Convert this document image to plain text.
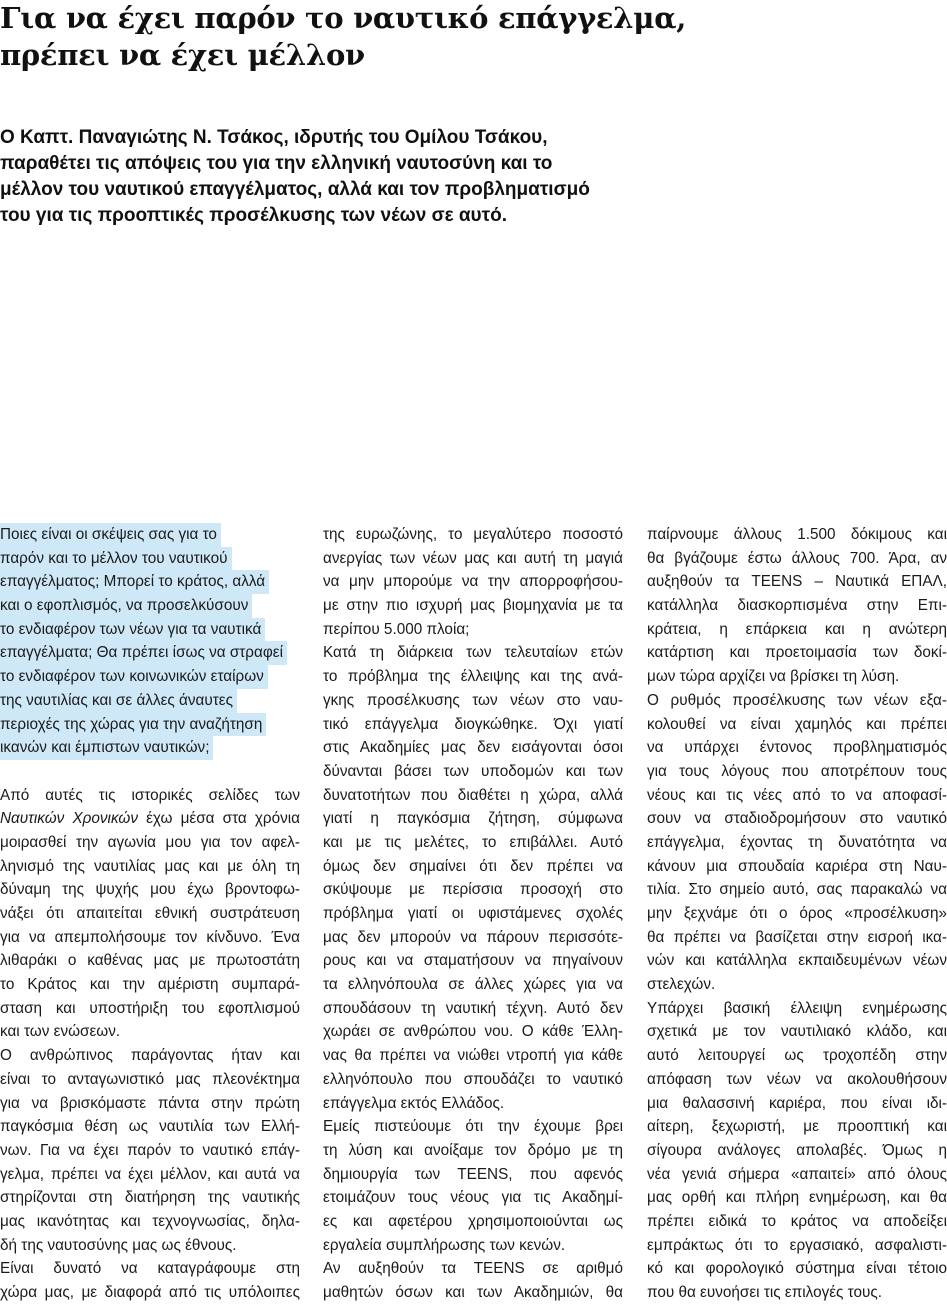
Για να έχει παρόν το ναυτικό επάγγελμα,
πρέπει να έχει μέλλον
Ο Καπτ. Παναγιώτης Ν. Τσάκος, ιδρυτής του Ομίλου Τσάκου,
παραθέτει τις απόψεις του για την ελληνική ναυτοσύνη και το
μέλλον του ναυτικού επαγγέλματος, αλλά και τον προβληματισμό
του για τις προοπτικές προσέλκυσης των νέων σε αυτό.
Ποιες είναι οι σκέψεις σας για το
παρόν και το μέλλον του ναυτικού
επαγγέλματος; Μπορεί το κράτος, αλλά
και ο εφοπλισμός, να προσελκύσουν
το ενδιαφέρον των νέων για τα ναυτικά
επαγγέλματα; Θα πρέπει ίσως να στραφεί
το ενδιαφέρον των κοινωνικών εταίρων
της ναυτιλίας και σε άλλες άναυτες
περιοχές της χώρας για την αναζήτηση
ικανών και έμπιστων ναυτικών;
Από αυτές τις ιστορικές σελίδες των
Ναυτικών Χρονικών έχω μέσα στα χρόνια
μοιρασθεί την αγωνία μου για τον αφελ-
ληνισμό της ναυτιλίας μας και με όλη τη
δύναμη της ψυχής μου έχω βροντοφω-
νάξει ότι απαιτείται εθνική συστράτευση
για να απεμπολήσουμε τον κίνδυνο. Ένα
λιθαράκι ο καθένας μας με πρωτοστάτη
το Κράτος και την αμέριστη συμπαρά-
σταση και υποστήριξη του εφοπλισμού
και των ενώσεων.
Ο ανθρώπινος παράγοντας ήταν και
είναι το ανταγωνιστικό μας πλεονέκτημα
για να βρισκόμαστε πάντα στην πρώτη
παγκόσμια θέση ως ναυτιλία των Ελλή-
νων. Για να έχει παρόν το ναυτικό επάγ-
γελμα, πρέπει να έχει μέλλον, και αυτά να
στηρίζονται στη διατήρηση της ναυτικής
μας ικανότητας και τεχνογνωσίας, δηλα-
δή της ναυτοσύνης μας ως έθνους.
Είναι δυνατό να καταγράφουμε στη
χώρα μας, με διαφορά από τις υπόλοιπες
της ευρωζώνης, το μεγαλύτερο ποσοστό
ανεργίας των νέων μας και αυτή τη μαγιά
να μην μπορούμε να την απορροφήσου-
με στην πιο ισχυρή μας βιομηχανία με τα
περίπου 5.000 πλοία;
Κατά τη διάρκεια των τελευταίων ετών
το πρόβλημα της έλλειψης και της ανά-
γκης προσέλκυσης των νέων στο ναυ-
τικό επάγγελμα διογκώθηκε. Όχι γιατί
στις Ακαδημίες μας δεν εισάγονται όσοι
δύνανται βάσει των υποδομών και των
δυνατοτήτων που διαθέτει η χώρα, αλλά
γιατί η παγκόσμια ζήτηση, σύμφωνα
και με τις μελέτες, το επιβάλλει. Αυτό
όμως δεν σημαίνει ότι δεν πρέπει να
σκύψουμε με περίσσια προσοχή στο
πρόβλημα γιατί οι υφιστάμενες σχολές
μας δεν μπορούν να πάρουν περισσότε-
ρους και να σταματήσουν να πηγαίνουν
τα ελληνόπουλα σε άλλες χώρες για να
σπουδάσουν τη ναυτική τέχνη. Αυτό δεν
χωράει σε ανθρώπου νου. Ο κάθε Έλλη-
νας θα πρέπει να νιώθει ντροπή για κάθε
ελληνόπουλο που σπουδάζει το ναυτικό
επάγγελμα εκτός Ελλάδος.
Εμείς πιστεύουμε ότι την έχουμε βρει
τη λύση και ανοίξαμε τον δρόμο με τη
δημιουργία των TEENS, που αφενός
ετοιμάζουν τους νέους για τις Ακαδημί-
ες και αφετέρου χρησιμοποιούνται ως
εργαλεία συμπλήρωσης των κενών.
Αν αυξηθούν τα TEENS σε αριθμό
μαθητών όσων και των Ακαδημιών, θα
παίρνουμε άλλους 1.500 δόκιμους και
θα βγάζουμε έστω άλλους 700. Άρα, αν
αυξηθούν τα TEENS – Ναυτικά ΕΠΑΛ,
κατάλληλα διασκορπισμένα στην Επι-
κράτεια, η επάρκεια και η ανώτερη
κατάρτιση και προετοιμασία των δοκί-
μων τώρα αρχίζει να βρίσκει τη λύση.
Ο ρυθμός προσέλκυσης των νέων εξα-
κολουθεί να είναι χαμηλός και πρέπει
να υπάρχει έντονος προβληματισμός
για τους λόγους που αποτρέπουν τους
νέους και τις νέες από το να αποφασί-
σουν να σταδιοδρομήσουν στο ναυτικό
επάγγελμα, έχοντας τη δυνατότητα να
κάνουν μια σπουδαία καριέρα στη Ναυ-
τιλία. Στο σημείο αυτό, σας παρακαλώ να
μην ξεχνάμε ότι ο όρος «προσέλκυση»
θα πρέπει να βασίζεται στην εισροή ικα-
νών και κατάλληλα εκπαιδευμένων νέων
στελεχών.
Υπάρχει βασική έλλειψη ενημέρωσης
σχετικά με τον ναυτιλιακό κλάδο, και
αυτό λειτουργεί ως τροχοπέδη στην
απόφαση των νέων να ακολουθήσουν
μια θαλασσινή καριέρα, που είναι ιδι-
αίτερη, ξεχωριστή, με προοπτική και
σίγουρα ανάλογες απολαβές. Όμως η
νέα γενιά σήμερα «απαιτεί» από όλους
μας ορθή και πλήρη ενημέρωση, και θα
πρέπει ειδικά το κράτος να αποδείξει
εμπράκτως ότι το εργασιακό, ασφαλιστι-
κό και φορολογικό σύστημα είναι τέτοιο
που θα ευνοήσει τις επιλογές τους.
